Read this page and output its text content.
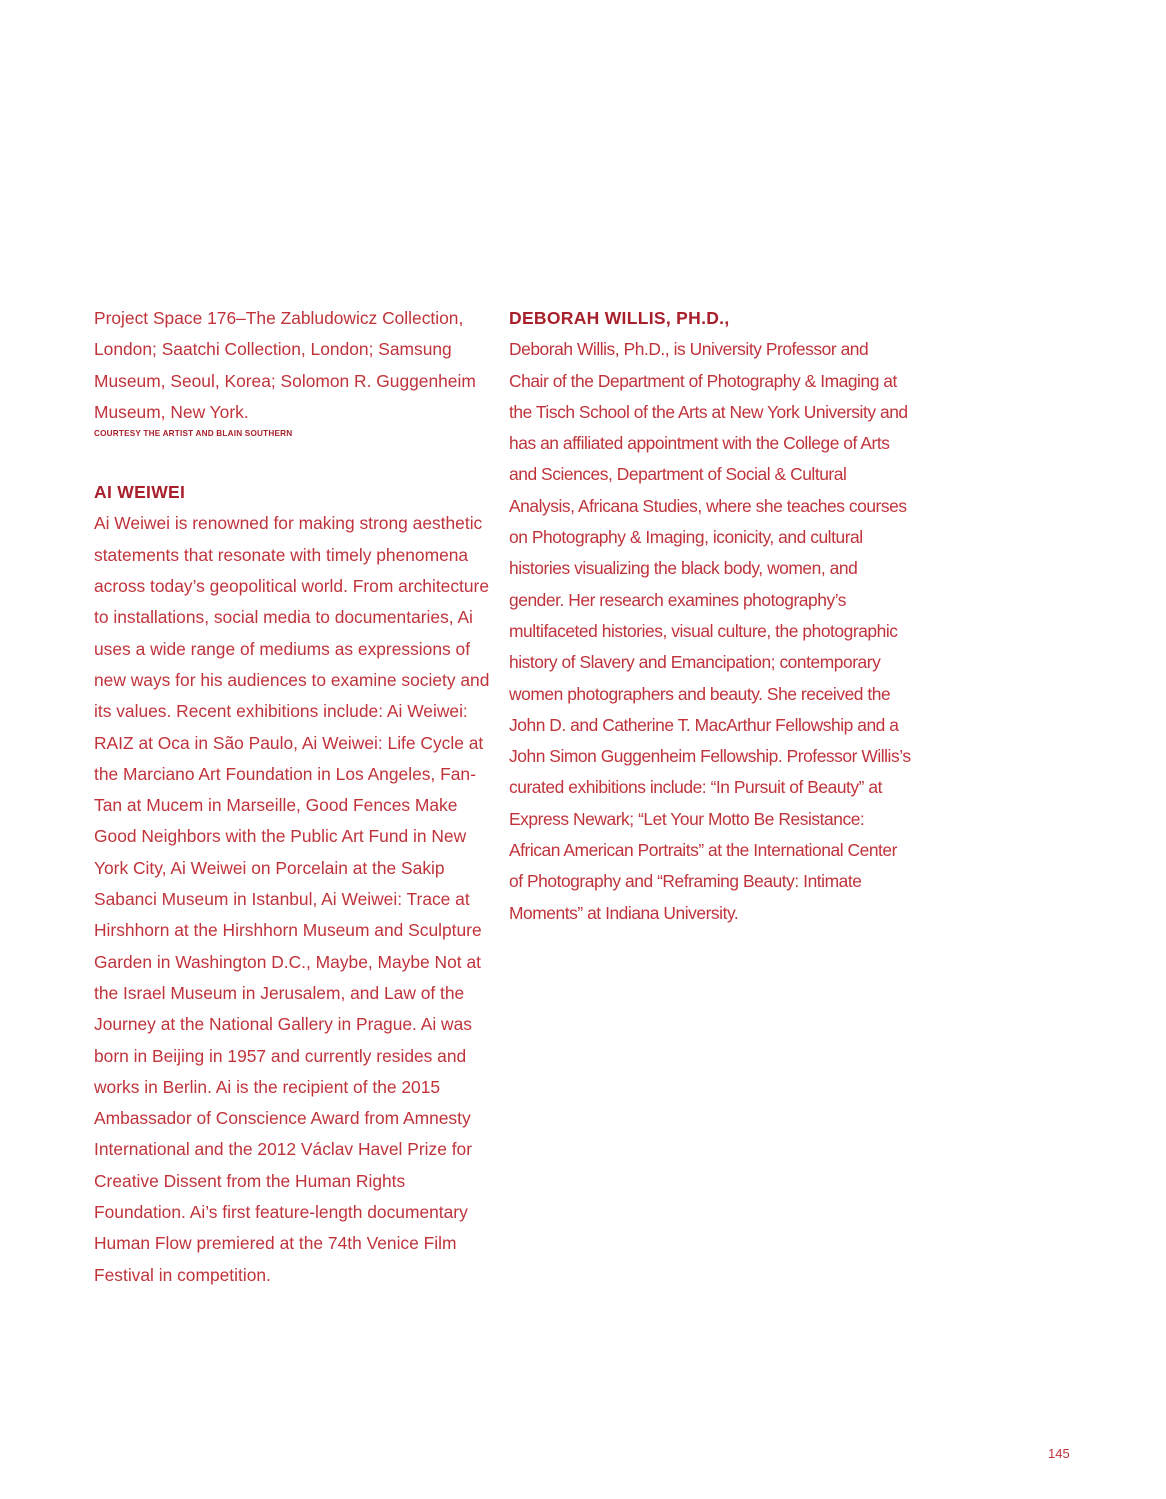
Project Space 176–The Zabludowicz Collection, London; Saatchi Collection, London; Samsung Museum, Seoul, Korea; Solomon R. Guggenheim Museum, New York.

COURTESY THE ARTIST AND BLAIN SOUTHERN

AI WEIWEI

Ai Weiwei is renowned for making strong aesthetic statements that resonate with timely phenomena across today’s geopolitical world. From architecture to installations, social media to documentaries, Ai uses a wide range of mediums as expressions of new ways for his audiences to examine society and its values. Recent exhibitions include: Ai Weiwei: RAIZ at Oca in São Paulo, Ai Weiwei: Life Cycle at the Marciano Art Foundation in Los Angeles, Fan-Tan at Mucem in Marseille, Good Fences Make Good Neighbors with the Public Art Fund in New York City, Ai Weiwei on Porcelain at the Sakip Sabanci Museum in Istanbul, Ai Weiwei: Trace at Hirshhorn at the Hirshhorn Museum and Sculpture Garden in Washington D.C., Maybe, Maybe Not at the Israel Museum in Jerusalem, and Law of the Journey at the National Gallery in Prague. Ai was born in Beijing in 1957 and currently resides and works in Berlin. Ai is the recipient of the 2015 Ambassador of Conscience Award from Amnesty International and the 2012 Václav Havel Prize for Creative Dissent from the Human Rights Foundation. Ai’s first feature-length documentary Human Flow premiered at the 74th Venice Film Festival in competition.

DEBORAH WILLIS, PH.D.,

Deborah Willis, Ph.D., is University Professor and Chair of the Department of Photography & Imaging at the Tisch School of the Arts at New York University and has an affiliated appointment with the College of Arts and Sciences, Department of Social & Cultural Analysis, Africana Studies, where she teaches courses on Photography & Imaging, iconicity, and cultural histories visualizing the black body, women, and gender. Her research examines photography’s multifaceted histories, visual culture, the photographic history of Slavery and Emancipation; contemporary women photographers and beauty. She received the John D. and Catherine T. MacArthur Fellowship and a John Simon Guggenheim Fellowship. Professor Willis’s curated exhibitions include: “In Pursuit of Beauty” at Express Newark; “Let Your Motto Be Resistance: African American Portraits” at the International Center of Photography and “Reframing Beauty: Intimate Moments” at Indiana University.

145
